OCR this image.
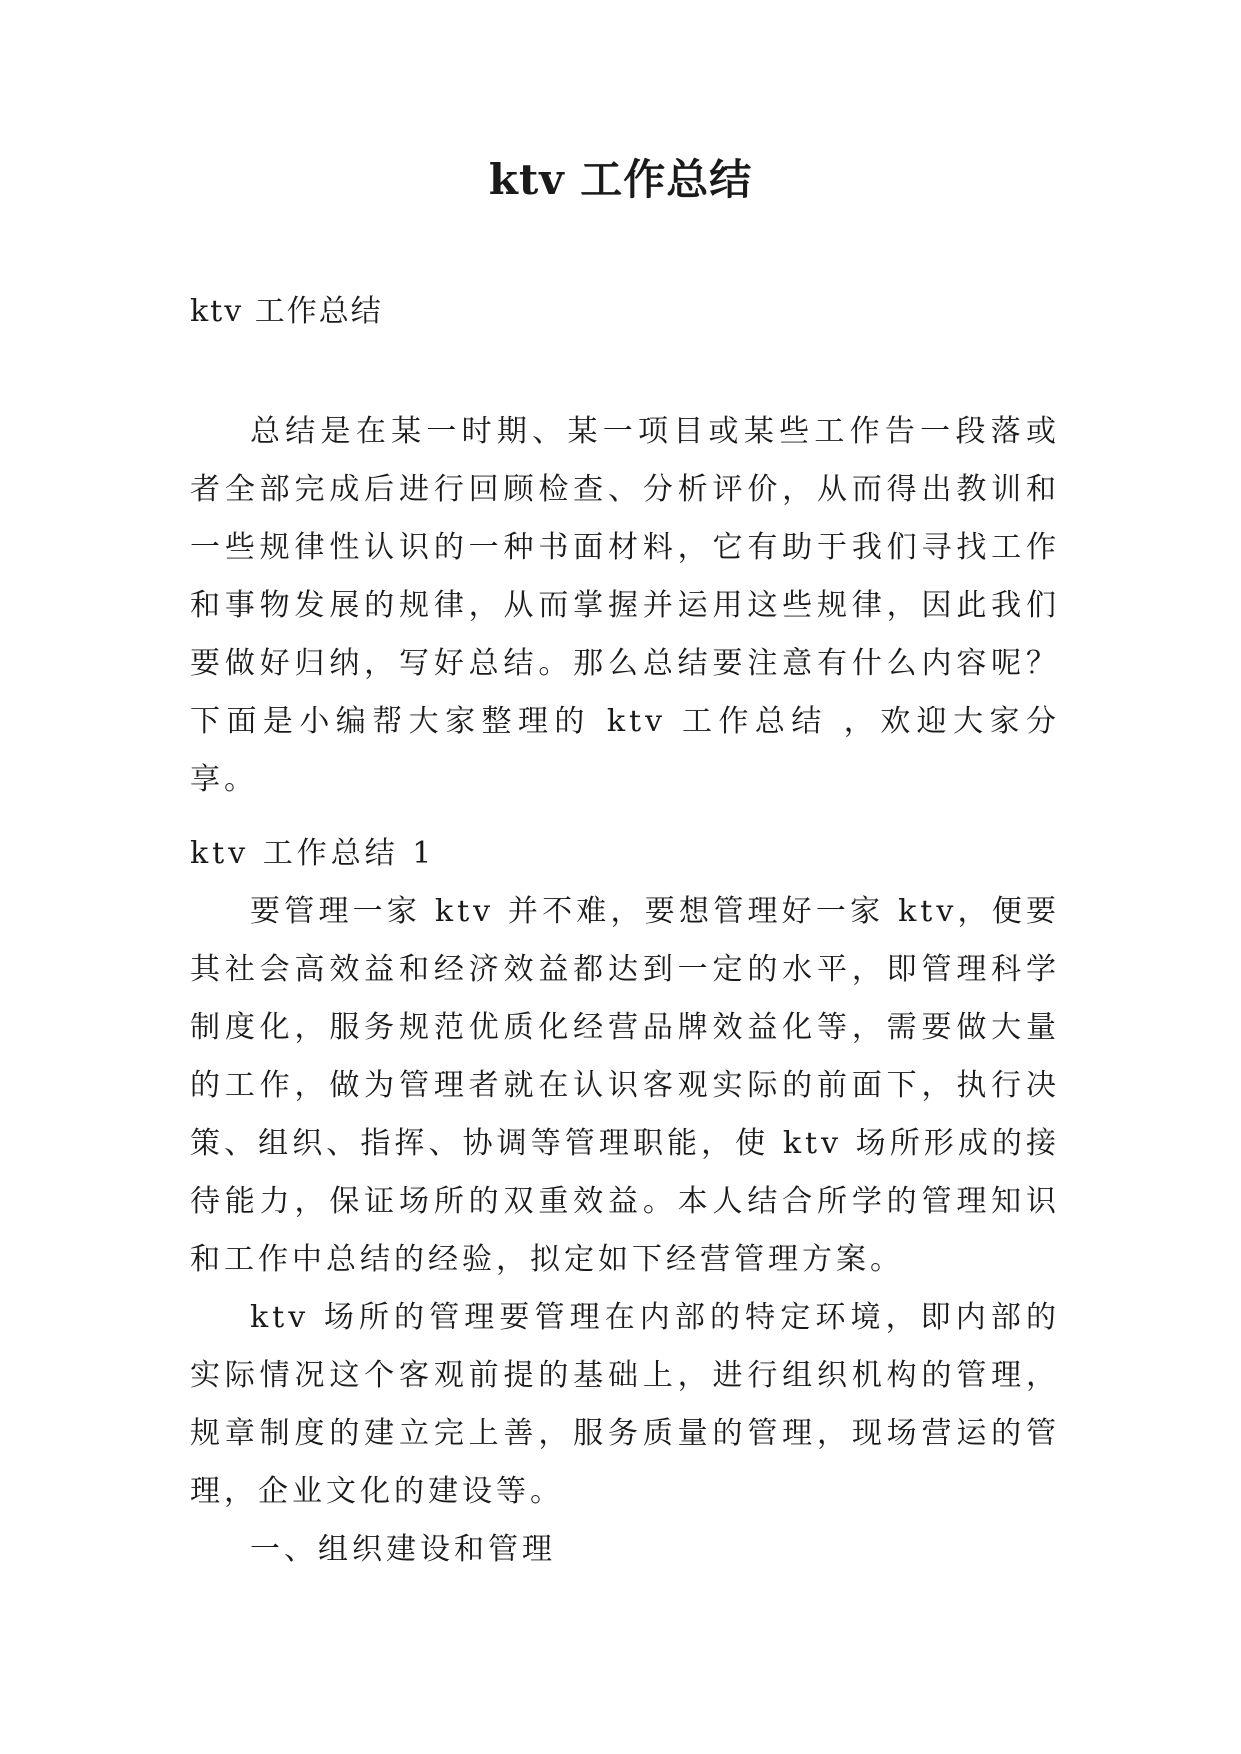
ktv 工作总结
ktv 工作总结

总结是在某一时期、某一项目或某些工作告一段落或者全部完成后进行回顾检查、分析评价，从而得出教训和一些规律性认识的一种书面材料，它有助于我们寻找工作和事物发展的规律，从而掌握并运用这些规律，因此我们要做好归纳，写好总结。那么总结要注意有什么内容呢？下面是小编帮大家整理的 ktv 工作总结 ，欢迎大家分享。

ktv 工作总结 1

要管理一家 ktv 并不难，要想管理好一家 ktv，便要其社会高效益和经济效益都达到一定的水平，即管理科学制度化，服务规范优质化经营品牌效益化等，需要做大量的工作，做为管理者就在认识客观实际的前面下，执行决策、组织、指挥、协调等管理职能，使 ktv 场所形成的接待能力，保证场所的双重效益。本人结合所学的管理知识和工作中总结的经验，拟定如下经营管理方案。

ktv 场所的管理要管理在内部的特定环境，即内部的实际情况这个客观前提的基础上，进行组织机构的管理，规章制度的建立完上善，服务质量的管理，现场营运的管理，企业文化的建设等。

一、组织建设和管理
